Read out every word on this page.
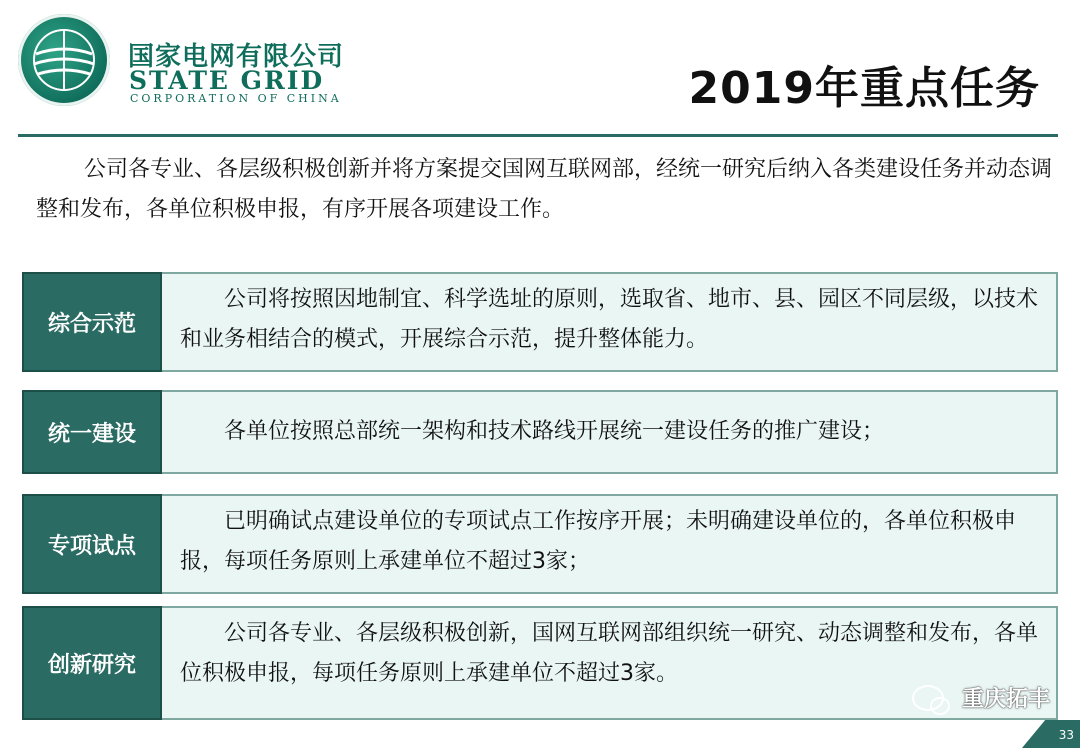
国家电网有限公司
STATE GRID
CORPORATION OF CHINA	2019年重点任务
公司各专业、各层级积极创新并将方案提交国网互联网部，经统一研究后纳入各类建设任务并动态调整和发布，各单位积极申报，有序开展各项建设工作。
综合示范
公司将按照因地制宜、科学选址的原则，选取省、地市、县、园区不同层级，以技术和业务相结合的模式，开展综合示范，提升整体能力。
统一建设	各单位按照总部统一架构和技术路线开展统一建设任务的推广建设；
专项试点
已明确试点建设单位的专项试点工作按序开展；未明确建设单位的，各单位积极申报，每项任务原则上承建单位不超过3家；
创新研究
公司各专业、各层级积极创新，国网互联网部组织统一研究、动态调整和发布，各单位积极申报，每项任务原则上承建单位不超过3家。
重庆拓丰
33
